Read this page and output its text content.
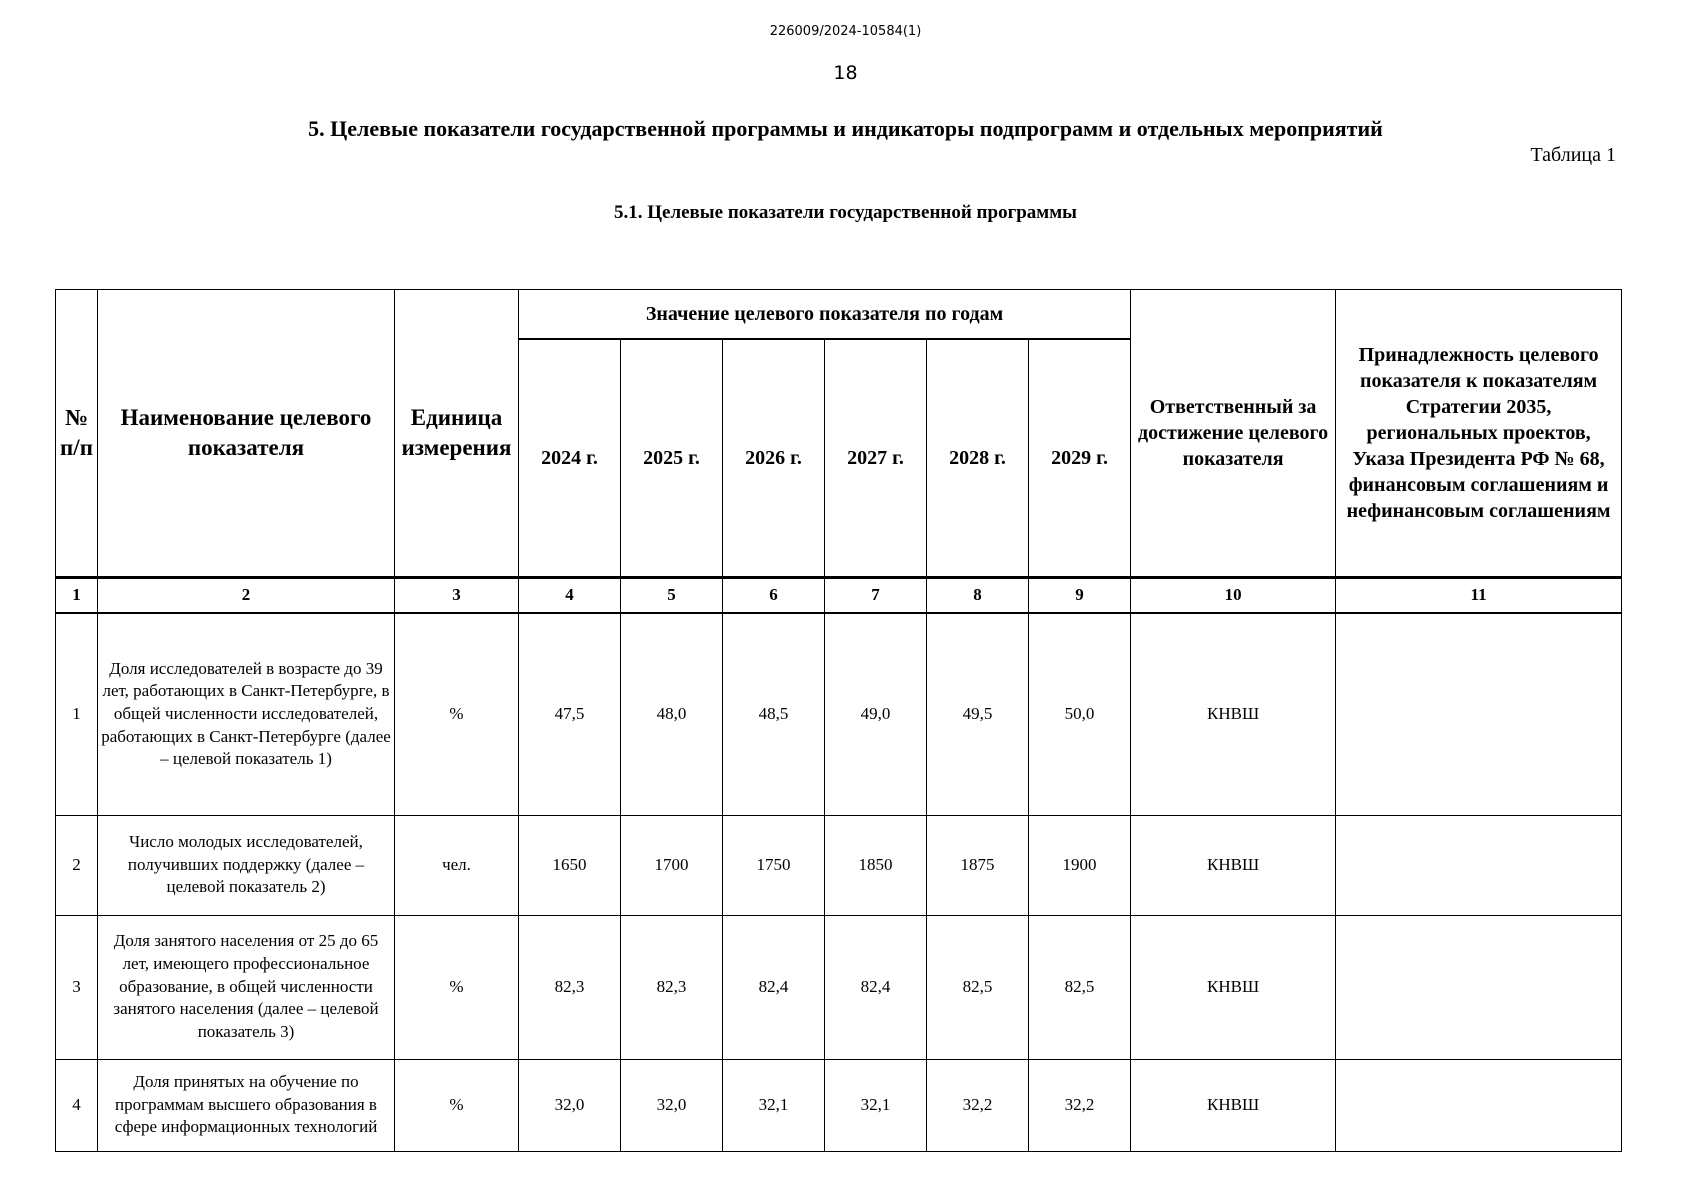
226009/2024-10584(1)
18
5. Целевые показатели государственной программы и индикаторы подпрограмм и отдельных мероприятий
Таблица 1
5.1. Целевые показатели государственной программы
№ п/п	Наименование целевого показателя	Единица измерения	Значение целевого показателя по годам						Ответственный за достижение целевого показателя	Принадлежность целевого показателя к показателям Стратегии 2035, региональных проектов, Указа Президента РФ № 68, финансовым соглашениям и нефинансовым соглашениям
			2024 г.	2025 г.	2026 г.	2027 г.	2028 г.	2029 г.		
1	2	3	4	5	6	7	8	9	10	11
1	Доля исследователей в возрасте до 39 лет, работающих в Санкт-Петербурге, в общей численности исследователей, работающих в Санкт-Петербурге (далее – целевой показатель 1)	%	47,5	48,0	48,5	49,0	49,5	50,0	КНВШ	
2	Число молодых исследователей, получивших поддержку (далее – целевой показатель 2)	чел.	1650	1700	1750	1850	1875	1900	КНВШ	
3	Доля занятого населения от 25 до 65 лет, имеющего профессиональное образование, в общей численности занятого населения (далее – целевой показатель 3)	%	82,3	82,3	82,4	82,4	82,5	82,5	КНВШ	
4	Доля принятых на обучение по программам высшего образования в сфере информационных технологий	%	32,0	32,0	32,1	32,1	32,2	32,2	КНВШ	
